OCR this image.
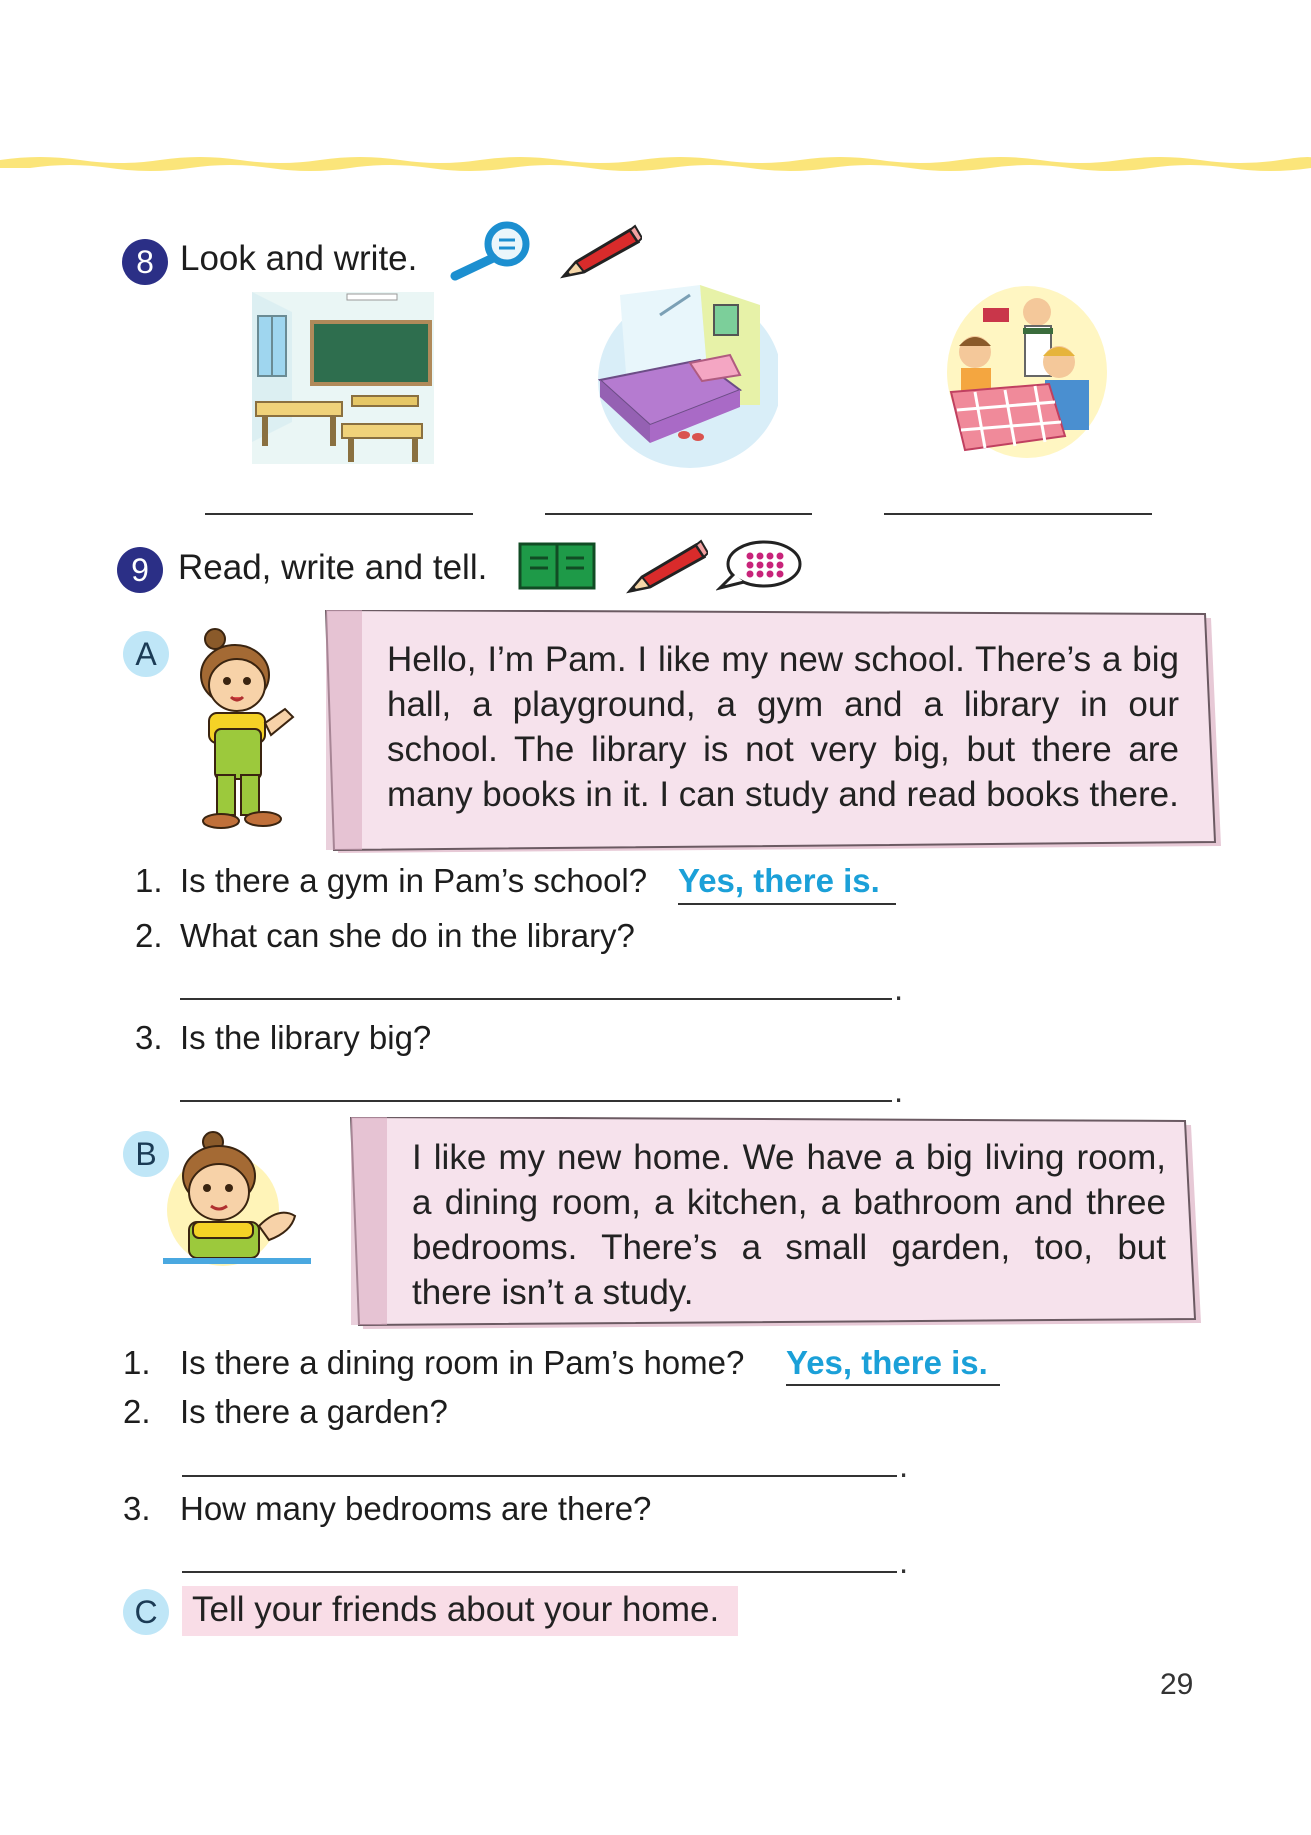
8 Look and write.
9 Read, write and tell.
A	Hello, I’m Pam. I like my new school. There’s a big hall, a playground, a gym and a library in our school. The library is not very big, but there are many books in it. I can study and read books there.
1. Is there a gym in Pam’s school? Yes, there is.
2. What can she do in the library?
.
3. Is the library big?
.
B	I like my new home. We have a big living room, a dining room, a kitchen, a bathroom and three bedrooms. There’s a small garden, too, but there isn’t a study.
1. Is there a dining room in Pam’s home? Yes, there is.
2. Is there a garden?
.
3. How many bedrooms are there?
.
C Tell your friends about your home.
29
